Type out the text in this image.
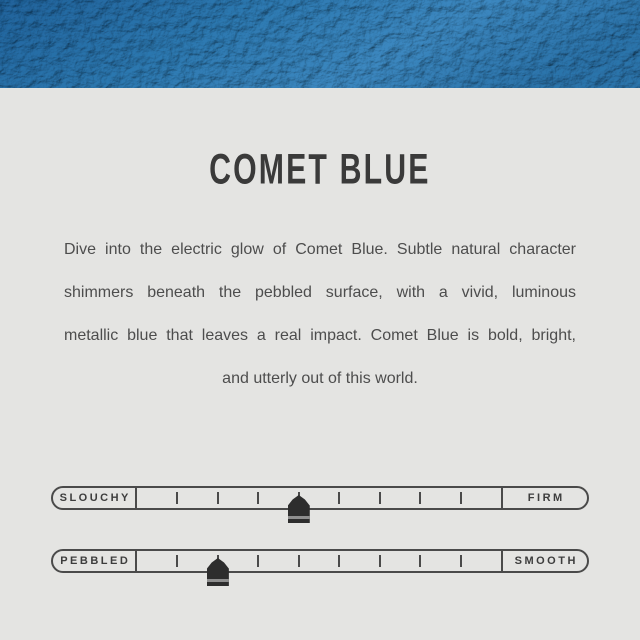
COMET BLUE
Dive into the electric glow of Comet Blue. Subtle natural character
shimmers beneath the pebbled surface, with a vivid, luminous
metallic blue that leaves a real impact. Comet Blue is bold, bright,
and utterly out of this world.
SLOUCHY	FIRM
PEBBLED	SMOOTH
